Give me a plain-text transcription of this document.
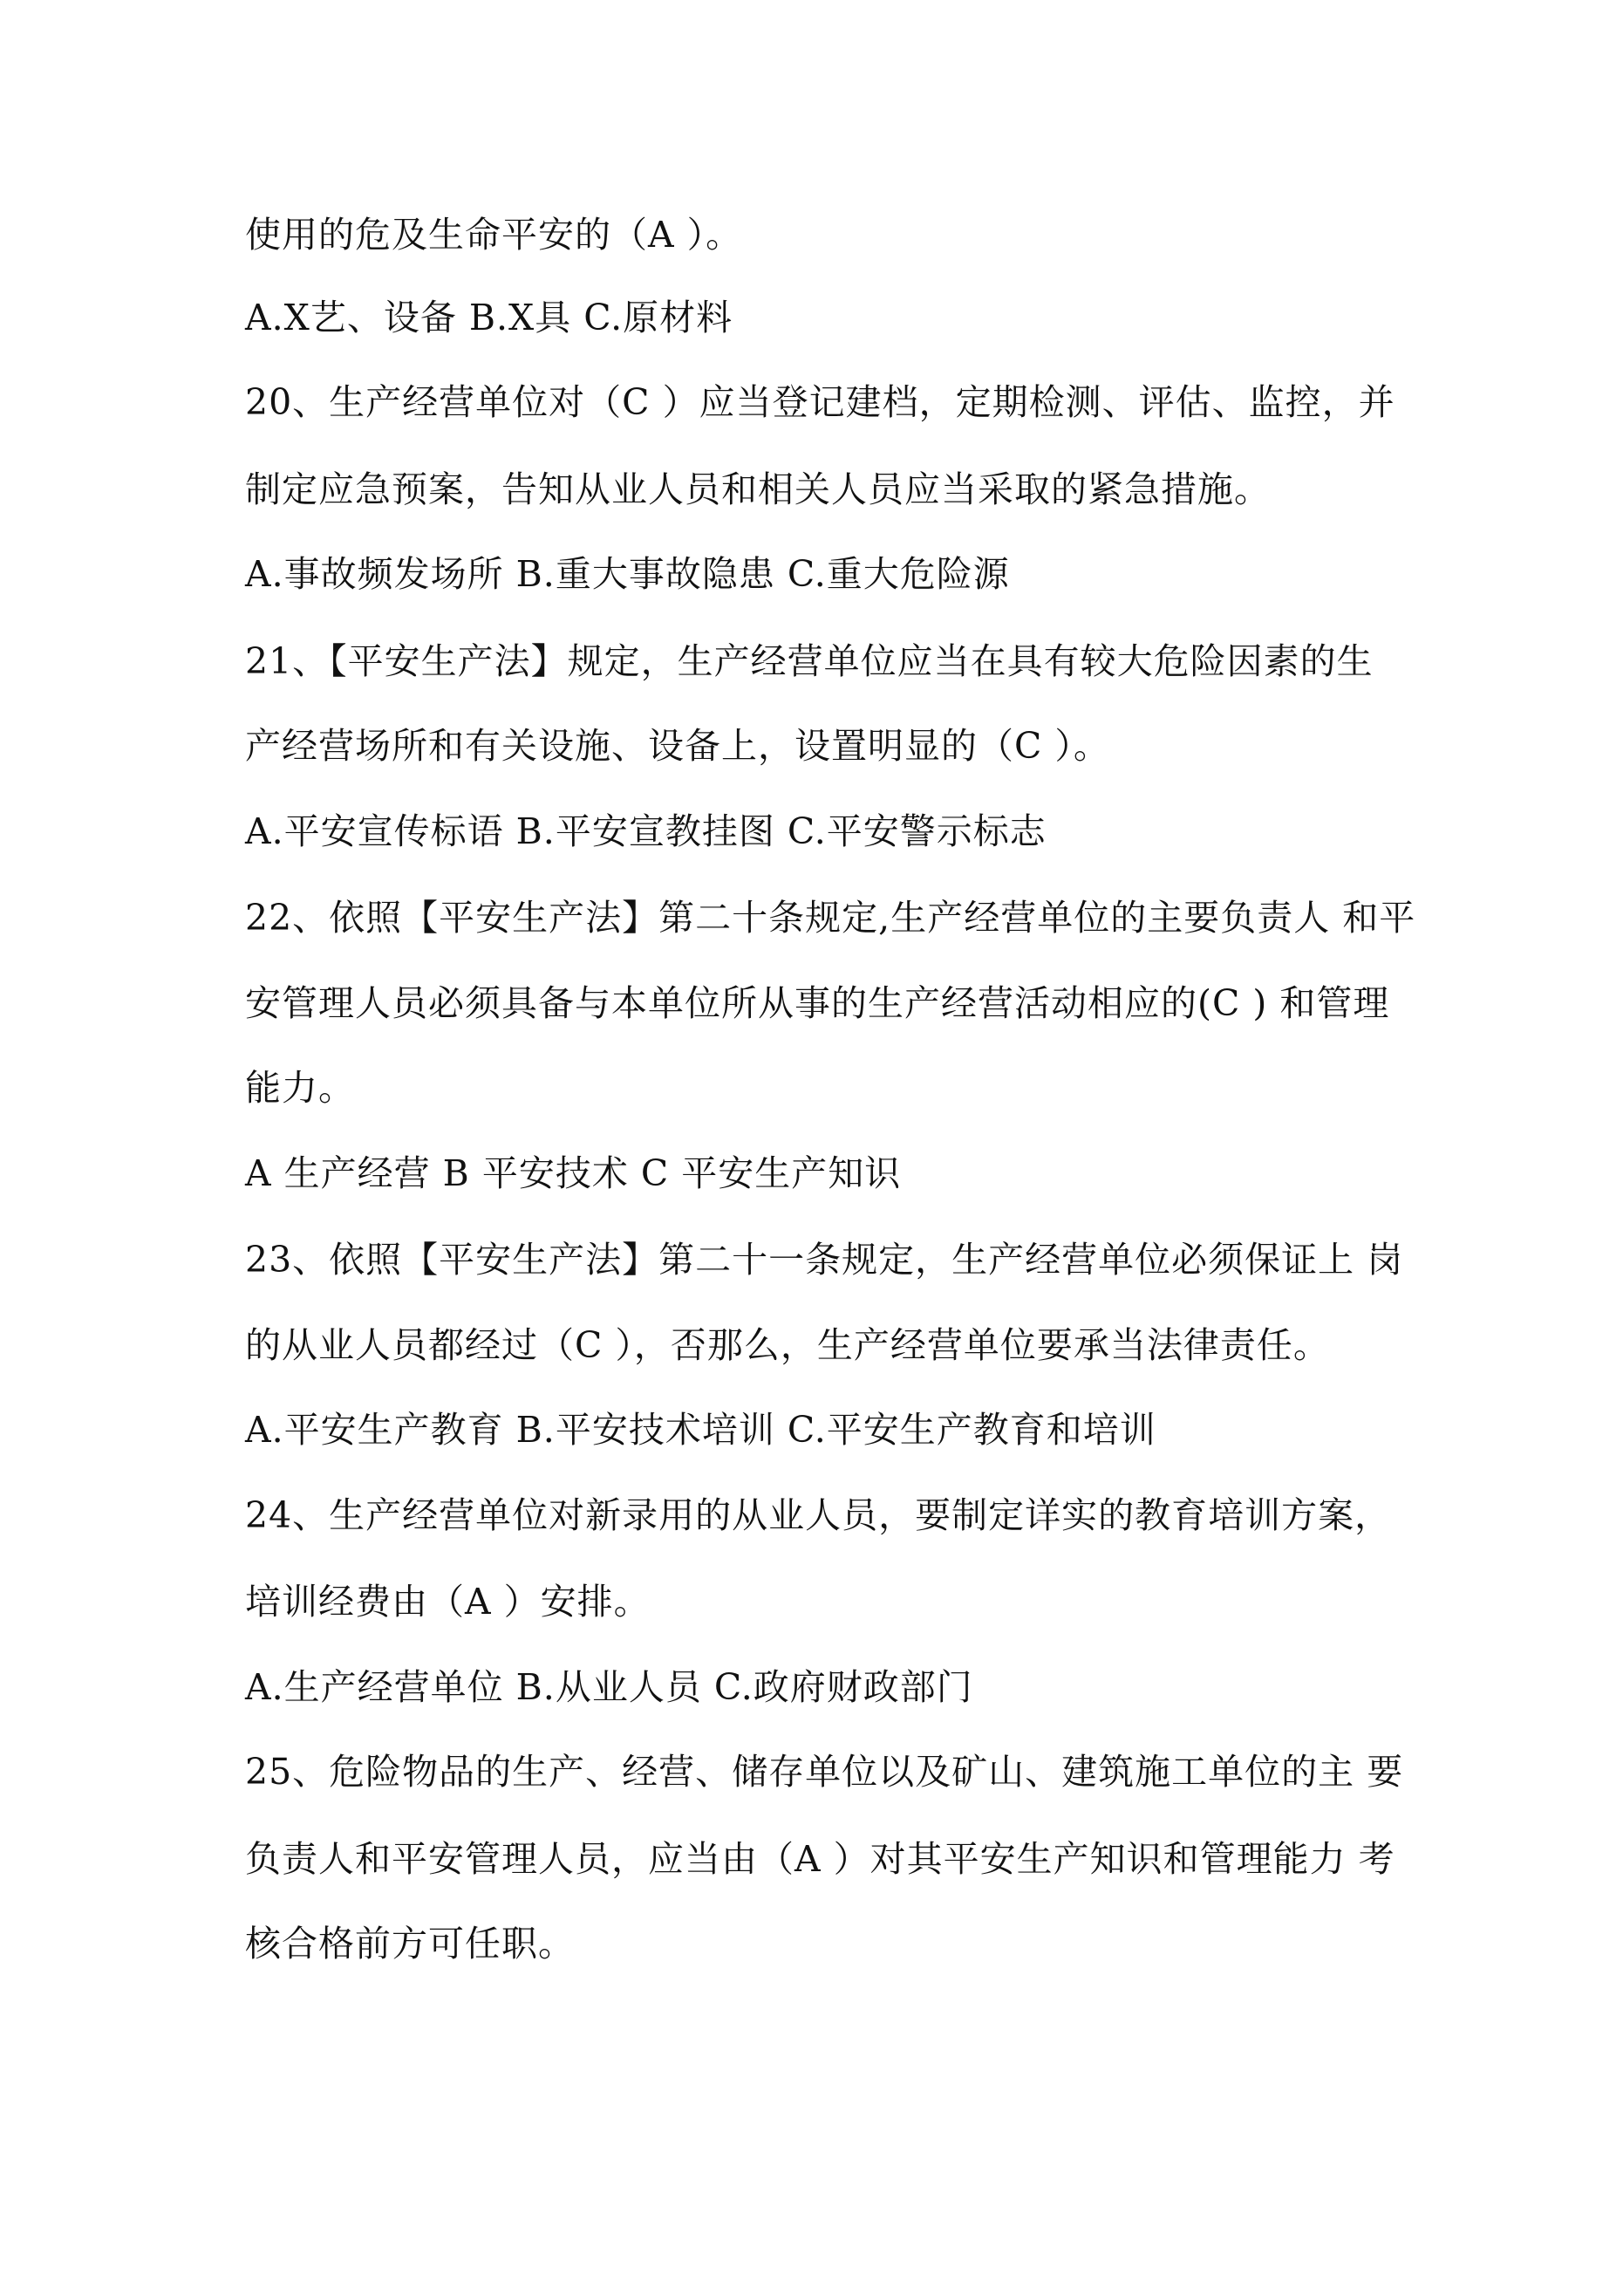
使用的危及生命平安的（A ）。
A.X艺、设备 B.X具 C.原材料
20、生产经营单位对（C ）应当登记建档，定期检测、评估、监控，并
制定应急预案，告知从业人员和相关人员应当采取的紧急措施。
A.事故频发场所 B.重大事故隐患 C.重大危险源
21、【平安生产法】规定，生产经营单位应当在具有较大危险因素的生
产经营场所和有关设施、设备上，设置明显的（C ）。
A.平安宣传标语 B.平安宣教挂图 C.平安警示标志
22、依照【平安生产法】第二十条规定,生产经营单位的主要负责人 和平
安管理人员必须具备与本单位所从事的生产经营活动相应的(C ) 和管理
能力。
A 生产经营 B 平安技术 C 平安生产知识
23、依照【平安生产法】第二十一条规定，生产经营单位必须保证上 岗
的从业人员都经过（C ），否那么，生产经营单位要承当法律责任。
A.平安生产教育 B.平安技术培训 C.平安生产教育和培训
24、生产经营单位对新录用的从业人员，要制定详实的教育培训方案，
培训经费由（A ）安排。
A.生产经营单位 B.从业人员 C.政府财政部门
25、危险物品的生产、经营、储存单位以及矿山、建筑施工单位的主 要
负责人和平安管理人员，应当由（A ）对其平安生产知识和管理能力 考
核合格前方可任职。
